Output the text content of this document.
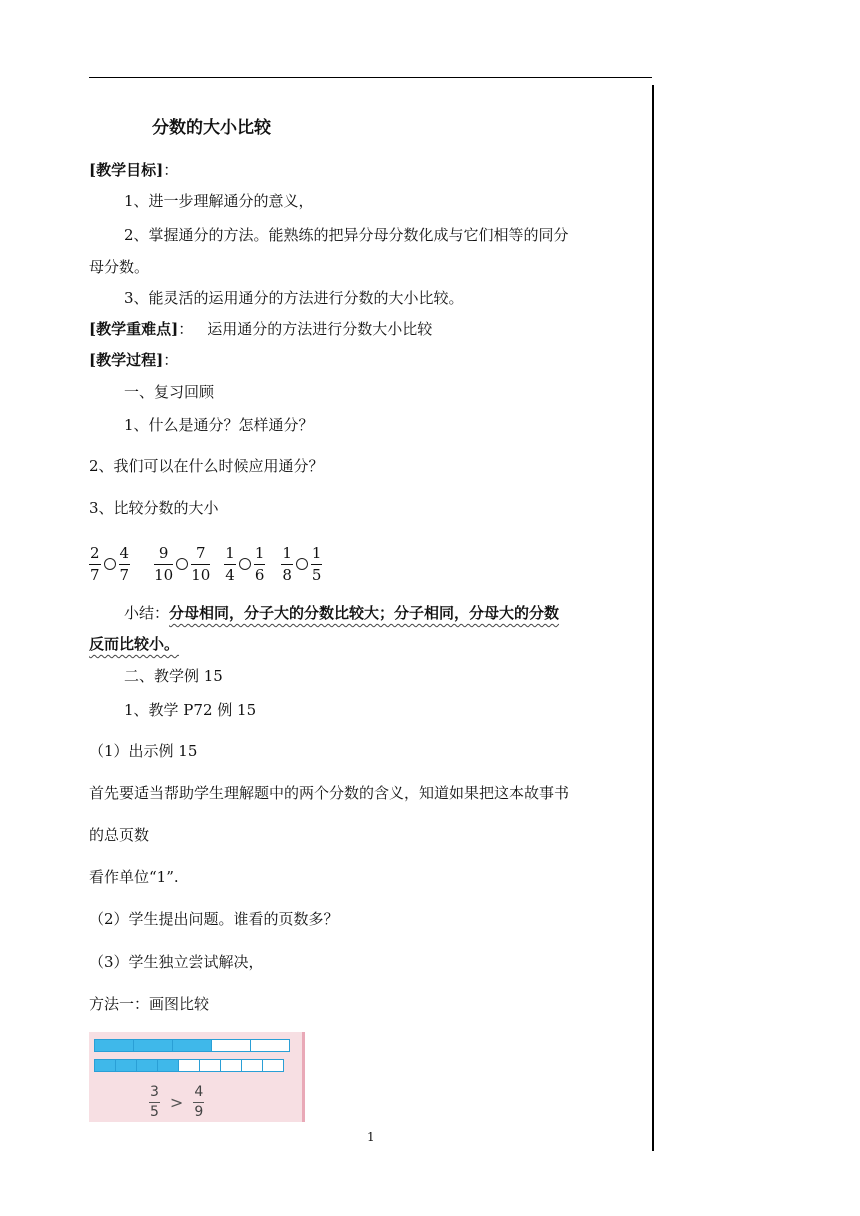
分数的大小比较
[教学目标]：
1、进一步理解通分的意义，
2、掌握通分的方法。能熟练的把异分母分数化成与它们相等的同分
母分数。
3、能灵活的运用通分的方法进行分数的大小比较。
[教学重难点]： 运用通分的方法进行分数大小比较
[教学过程]：
一、复习回顾
1、什么是通分？怎样通分？
2、我们可以在什么时候应用通分？
3、比较分数的大小
$\frac{2}{7} \frac{4}{7} \frac{9}{10} \frac{7}{10} \frac{1}{4} \frac{1}{6} \frac{1}{8} \frac{1}{5}$
小结：分母相同，分子大的分数比较大；分子相同，分母大的分数
反而比较小。
二、教学例 15
1、教学 P72 例 15
（1）出示例 15
首先要适当帮助学生理解题中的两个分数的含义，知道如果把这本故事书
的总页数
看作单位“1”.
（2）学生提出问题。谁看的页数多？
（3）学生独立尝试解决，
方法一：画图比较
$\frac{3}{5} > \frac{4}{9}$
1
